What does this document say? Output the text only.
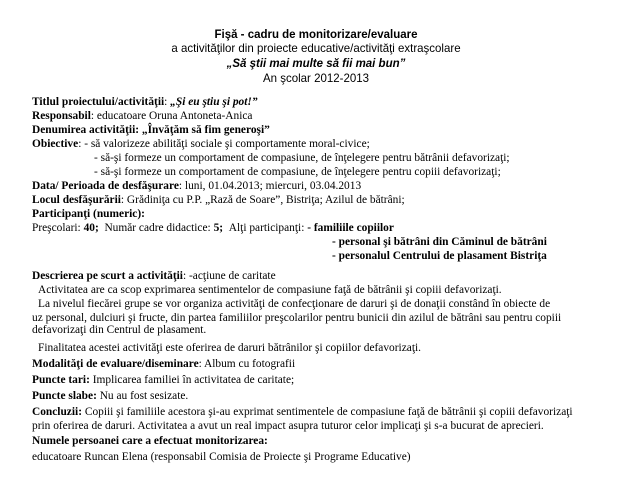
Fişă - cadru de monitorizare/evaluare
a activităţilor din proiecte educative/activităţi extraşcolare
„Să ştii mai multe să fii mai bun”
An şcolar 2012-2013
Titlul proiectului/activităţii: „Şi eu ştiu şi pot!”
Responsabil: educatoare Oruna Antoneta-Anica
Denumirea activităţii: „Învăţăm să fim generoşi”
Obiective: - să valorizeze abilităţi sociale şi comportamente moral-civice;
- să-şi formeze un comportament de compasiune, de înţelegere pentru bătrânii defavorizaţi;
- să-şi formeze un comportament de compasiune, de înţelegere pentru copiii defavorizaţi;
Data/ Perioada de desfăşurare: luni, 01.04.2013; miercuri, 03.04.2013
Locul desfăşurării: Grădiniţa cu P.P. „Rază de Soare”, Bistriţa; Azilul de bătrâni;
Participanţi (numeric):
Preşcolari: 40; Număr cadre didactice: 5; Alţi participanţi: - familiile copiilor
- personal şi bătrâni din Căminul de bătrâni
- personalul Centrului de plasament Bistriţa
Descrierea pe scurt a activităţii: -acţiune de caritate
Activitatea are ca scop exprimarea sentimentelor de compasiune faţă de bătrânii şi copiii defavorizaţi.
La nivelul fiecărei grupe se vor organiza activităţi de confecţionare de daruri şi de donaţii constând în obiecte de
uz personal, dulciuri şi fructe, din partea familiilor preşcolarilor pentru bunicii din azilul de bătrâni sau pentru copiii
defavorizaţi din Centrul de plasament.
Finalitatea acestei activităţi este oferirea de daruri bătrânilor şi copiilor defavorizaţi.
Modalităţi de evaluare/diseminare: Album cu fotografii
Puncte tari: Implicarea familiei în activitatea de caritate;
Puncte slabe: Nu au fost sesizate.
Concluzii: Copiii şi familiile acestora şi-au exprimat sentimentele de compasiune faţă de bătrânii şi copiii defavorizaţi
prin oferirea de daruri. Activitatea a avut un real impact asupra tuturor celor implicaţi şi s-a bucurat de aprecieri.
Numele persoanei care a efectuat monitorizarea:
educatoare Runcan Elena (responsabil Comisia de Proiecte şi Programe Educative)
